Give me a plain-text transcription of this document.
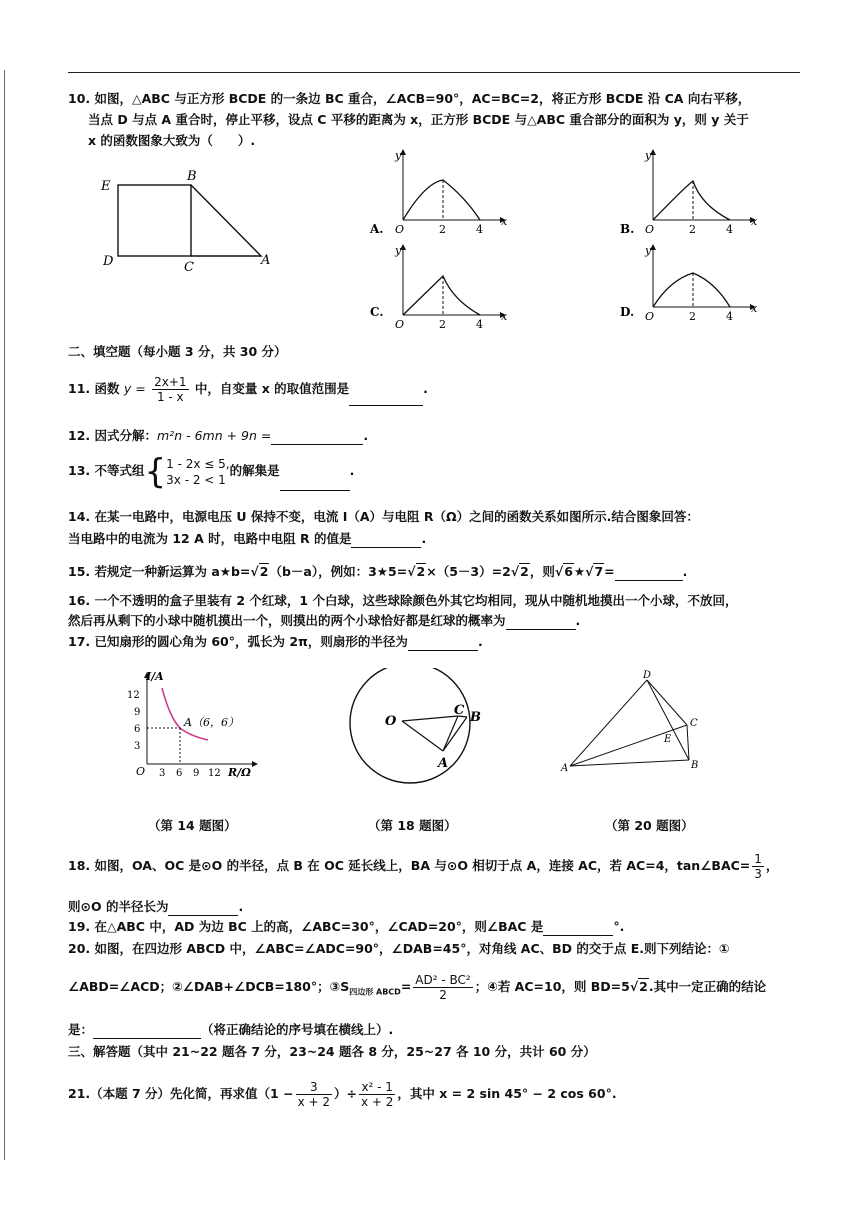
10. 如图，△ABC 与正方形 BCDE 的一条边 BC 重合，∠ACB=90°，AC=BC=2，将正方形 BCDE 沿 CA 向右平移，
当点 D 与点 A 重合时，停止平移，设点 C 平移的距离为 x，正方形 BCDE 与△ABC 重合部分的面积为 y，则 y 关于
x 的函数图象大致为（　　）.
E
B
D	C	A
y
x
O	2	4
A.
y
x
O	2	4
B.
y
x
O	2	4
C.
y
x
O	2	4
D.
二、填空题（每小题 3 分，共 30 分）
11. 函数 $y = \frac{2x+1}{1 - x}$ 中，自变量 x 的取值范围是	.
12. 因式分解：m²n - 6mn + 9n =	.
13. 不等式组{1 - 2x ≤ 5,
3x - 2 < 1的解集是	.
14. 在某一电路中，电源电压 U 保持不变，电流 I（A）与电阻 R（Ω）之间的函数关系如图所示.结合图象回答：
当电路中的电流为 12 A 时，电路中电阻 R 的值是	.
15. 若规定一种新运算为 a★b=√2（b－a），例如：3★5=√2×（5－3）=2√2，则√6★√7=	.
16. 一个不透明的盒子里装有 2 个红球，1 个白球，这些球除颜色外其它均相同，现从中随机地摸出一个小球，不放回，
然后再从剩下的小球中随机摸出一个，则摸出的两个小球恰好都是红球的概率为	.
17. 已知扇形的圆心角为 60°，弧长为 2π，则扇形的半径为	.
I/A
R/Ω
O
12
9
6
3
3 6 9 12
A（6，6）	O
C B
A
D
C
E
A	B
（第 14 题图）	（第 18 题图）	（第 20 题图）
18. 如图，OA、OC 是⊙O 的半径，点 B 在 OC 延长线上，BA 与⊙O 相切于点 A，连接 AC，若 AC=4，tan∠BAC= $\frac{1}{3}$ ，
则⊙O 的半径长为	.
19. 在△ABC 中，AD 为边 BC 上的高，∠ABC=30°，∠CAD=20°，则∠BAC 是	°.
20. 如图，在四边形 ABCD 中，∠ABC=∠ADC=90°，∠DAB=45°，对角线 AC、BD 的交于点 E.则下列结论：①
∠ABD=∠ACD；②∠DAB+∠DCB=180°；$③S_{四边形 ABCD}= \frac{\text{AD² - BC²}}{2}$ ；④若 AC=10，则 BD=5√2.其中一定正确的结论
是：	（将正确结论的序号填在横线上）.
三、解答题（其中 21~22 题各 7 分，23~24 题各 8 分，25~27 各 10 分，共计 60 分）
21.（本题 7 分）先化简，再求值（$1 - \frac{3}{x + 2}$ ）÷ $\frac{\text{x² - 1}}{x + 2}$ ，其中 x = 2 sin 45° − 2 cos 60°.
